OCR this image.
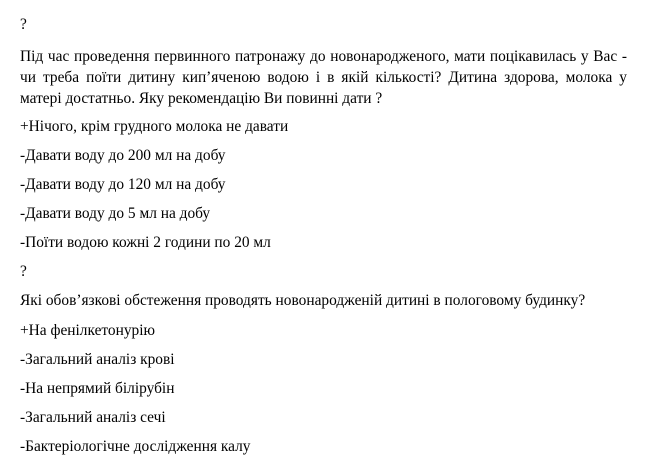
?
Під час проведення первинного патронажу до новонародженого, мати поцікавилась у Вас - чи треба поїти дитину кип’яченою водою і в якій кількості? Дитина здорова, молока у матері достатньо. Яку рекомендацію Ви повинні дати ?
+Нічого, крім грудного молока не давати
-Давати воду до 200 мл на добу
-Давати воду до 120 мл на добу
-Давати воду до 5 мл на добу
-Поїти водою кожні 2 години по 20 мл
?
Які обов’язкові обстеження проводять новонародженій дитині в пологовому будинку?
+На фенілкетонурію
-Загальний аналіз крові
-На непрямий білірубін
-Загальний аналіз сечі
-Бактеріологічне дослідження калу
